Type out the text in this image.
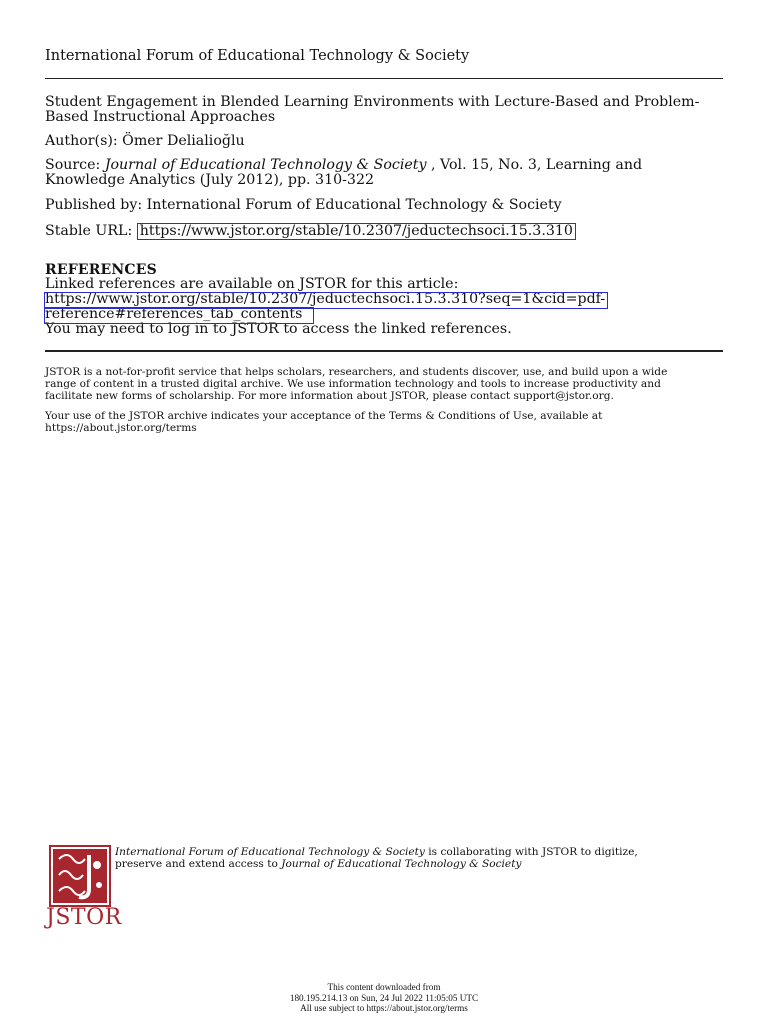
International Forum of Educational Technology & Society
Student Engagement in Blended Learning Environments with Lecture-Based and Problem-
Based Instructional Approaches
Author(s): Ömer Delialioğlu
Source: Journal of Educational Technology & Society , Vol. 15, No. 3, Learning and
Knowledge Analytics (July 2012), pp. 310-322
Published by: International Forum of Educational Technology & Society
Stable URL: https://www.jstor.org/stable/10.2307/jeductechsoci.15.3.310
REFERENCES
Linked references are available on JSTOR for this article:
https://www.jstor.org/stable/10.2307/jeductechsoci.15.3.310?seq=1&cid=pdf-
reference#references_tab_contents
You may need to log in to JSTOR to access the linked references.
JSTOR is a not-for-profit service that helps scholars, researchers, and students discover, use, and build upon a wide
range of content in a trusted digital archive. We use information technology and tools to increase productivity and
facilitate new forms of scholarship. For more information about JSTOR, please contact support@jstor.org.
Your use of the JSTOR archive indicates your acceptance of the Terms & Conditions of Use, available at
https://about.jstor.org/terms
JSTOR
International Forum of Educational Technology & Society is collaborating with JSTOR to digitize,
preserve and extend access to Journal of Educational Technology & Society
This content downloaded from
180.195.214.13 on Sun, 24 Jul 2022 11:05:05 UTC
All use subject to https://about.jstor.org/terms
